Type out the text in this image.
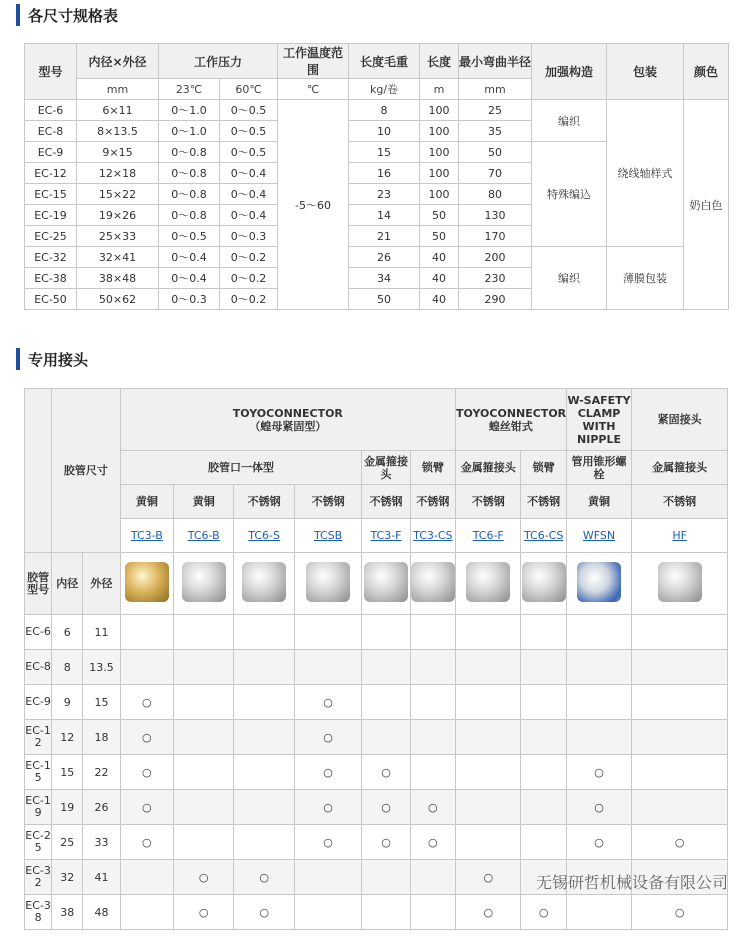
各尺寸规格表
型号	内径×外径	工作压力		工作温度范围	长度毛重	长度	最小弯曲半径	加强构造	包装	颜色
	mm	23℃	60℃	℃	kg/卷	m	mm			
EC-6	6×11	0～1.0	0～0.5	-5～60	8	100	25	编织	绕线轴样式	奶白色
EC-8	8×13.5	0～1.0	0～0.5		10	100	35			
EC-9	9×15	0～0.8	0～0.5		15	100	50	特殊编込		
EC-12	12×18	0～0.8	0～0.4		16	100	70			
EC-15	15×22	0～0.8	0～0.4		23	100	80			
EC-19	19×26	0～0.8	0～0.4		14	50	130			
EC-25	25×33	0～0.5	0～0.3		21	50	170			
EC-32	32×41	0～0.4	0～0.2		26	40	200	编织	薄膜包装	
EC-38	38×48	0～0.4	0～0.2		34	40	230			
EC-50	50×62	0～0.3	0～0.2		50	40	290			
专用接头
	胶管尺寸		TOYOCONNECTOR
（蝗母紧固型）						TOYOCONNECTOR
蝗丝钳式		W-SAFETY CLAMP WITH NIPPLE	紧固接头
			胶管口一体型				金属箍接头	锁臂	金属箍接头	锁臂	管用锥形螺栓	金属箍接头
			黄铜	黄铜	不锈钢	不锈钢	不锈钢	不锈钢	不锈钢	不锈钢	黄铜	不锈钢
			TC3-B	TC6-B	TC6-S	TCSB	TC3-F	TC3-CS	TC6-F	TC6-CS	WFSN	HF
胶管型号	内径	外径										
EC-6	6	11										
EC-8	8	13.5										
EC-9	9	15	○			○						
EC-12	12	18	○			○						
EC-15	15	22	○			○	○				○	
EC-19	19	26	○			○	○	○			○	
EC-25	25	33	○			○	○	○			○	○
EC-32	32	41		○	○				○			
EC-38	38	48		○	○				○	○		○
无锡研哲机械设备有限公司
